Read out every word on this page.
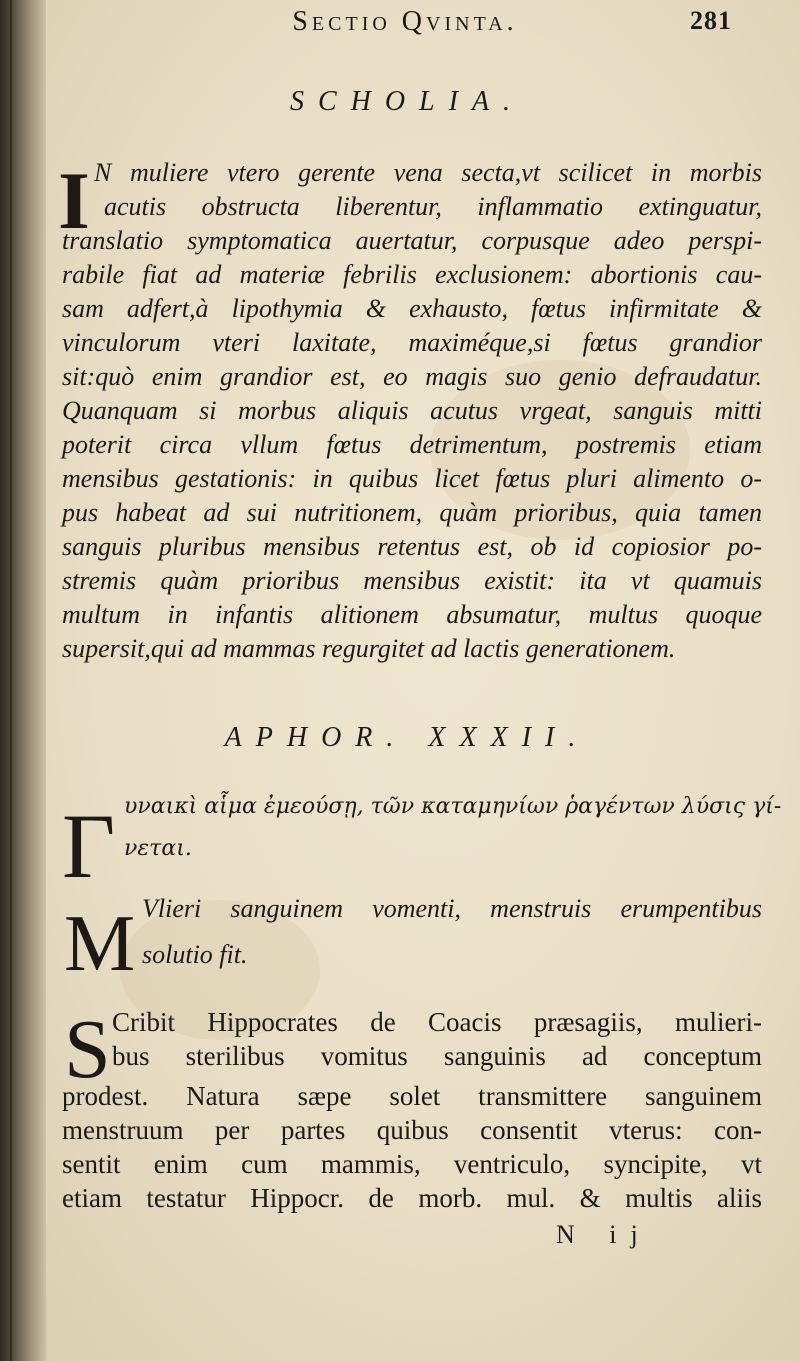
Sectio Qvinta.	281
SCHOLIA.
I N muliere vtero gerente vena secta,vt scilicet in morbis
acutis obstructa liberentur, inflammatio extinguatur,
translatio symptomatica auertatur, corpusque adeo perspi-
rabile fiat ad materiæ febrilis exclusionem: abortionis cau-
sam adfert,à lipothymia & exhausto, fœtus infirmitate &
vinculorum vteri laxitate, maximéque,si fœtus grandior
sit:quò enim grandior est, eo magis suo genio defraudatur.
Quanquam si morbus aliquis acutus vrgeat, sanguis mitti
poterit circa vllum fœtus detrimentum, postremis etiam
mensibus gestationis: in quibus licet fœtus pluri alimento o-
pus habeat ad sui nutritionem, quàm prioribus, quia tamen
sanguis pluribus mensibus retentus est, ob id copiosior po-
stremis quàm prioribus mensibus existit: ita vt quamuis
multum in infantis alitionem absumatur, multus quoque
supersit,qui ad mammas regurgitet ad lactis generationem.
APHOR. XXXII.
Γ υναικὶ αἷμα ἐμεούσῃ, τῶν καταμηνίων ῥαγέντων λύσις γί-
νεται.
M Vlieri sanguinem vomenti, menstruis erumpentibus
solutio fit.
S Cribit Hippocrates de Coacis præsagiis, mulieri-
bus sterilibus vomitus sanguinis ad conceptum
prodest. Natura sæpe solet transmittere sanguinem
menstruum per partes quibus consentit vterus: con-
sentit enim cum mammis, ventriculo, syncipite, vt
etiam testatur Hippocr. de morb. mul. & multis aliis
N ij
